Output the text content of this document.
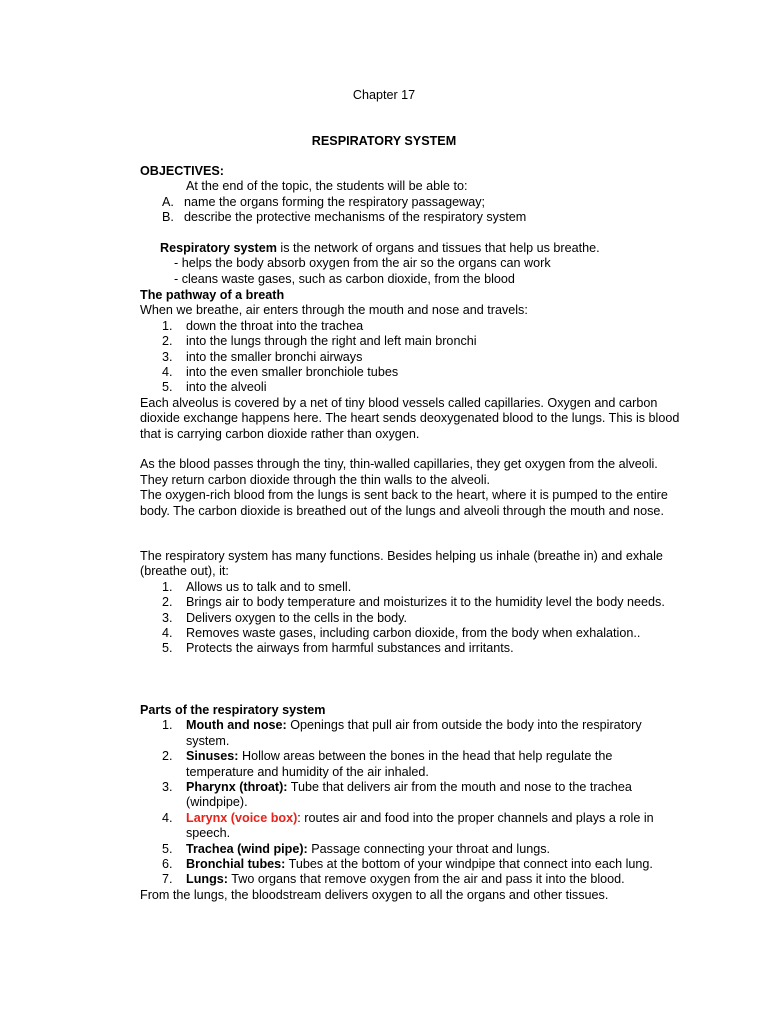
Chapter 17

RESPIRATORY SYSTEM

OBJECTIVES:

At the end of the topic, the students will be able to:

A. name the organs forming the respiratory passageway;
B. describe the protective mechanisms of the respiratory system

Respiratory system is the network of organs and tissues that help us breathe.

- helps the body absorb oxygen from the air so the organs can work

- cleans waste gases, such as carbon dioxide, from the blood

The pathway of a breath

When we breathe, air enters through the mouth and nose and travels:

1.	down the throat into the trachea
2.	into the lungs through the right and left main bronchi
3.	into the smaller bronchi airways
4.	into the even smaller bronchiole tubes
5.	into the alveoli

Each alveolus is covered by a net of tiny blood vessels called capillaries. Oxygen and carbon dioxide exchange happens here. The heart sends deoxygenated blood to the lungs. This is blood that is carrying carbon dioxide rather than oxygen.

As the blood passes through the tiny, thin-walled capillaries, they get oxygen from the alveoli. They return carbon dioxide through the thin walls to the alveoli.

The oxygen-rich blood from the lungs is sent back to the heart, where it is pumped to the entire body. The carbon dioxide is breathed out of the lungs and alveoli through the mouth and nose.

The respiratory system has many functions. Besides helping us inhale (breathe in) and exhale (breathe out), it:

1.	Allows us to talk and to smell.
2.	Brings air to body temperature and moisturizes it to the humidity level the body needs.
3.	Delivers oxygen to the cells in the body.
4.	Removes waste gases, including carbon dioxide, from the body when exhalation..
5.	Protects the airways from harmful substances and irritants.

Parts of the respiratory system

1.	Mouth and nose: Openings that pull air from outside the body into the respiratory system.
2.	Sinuses: Hollow areas between the bones in the head that help regulate the temperature and humidity of the air inhaled.
3.	Pharynx (throat): Tube that delivers air from the mouth and nose to the trachea (windpipe).
4.	Larynx (voice box): routes air and food into the proper channels and plays a role in speech.
5.	Trachea (wind pipe): Passage connecting your throat and lungs.
6.	Bronchial tubes: Tubes at the bottom of your windpipe that connect into each lung.
7.	Lungs: Two organs that remove oxygen from the air and pass it into the blood.

From the lungs, the bloodstream delivers oxygen to all the organs and other tissues.
